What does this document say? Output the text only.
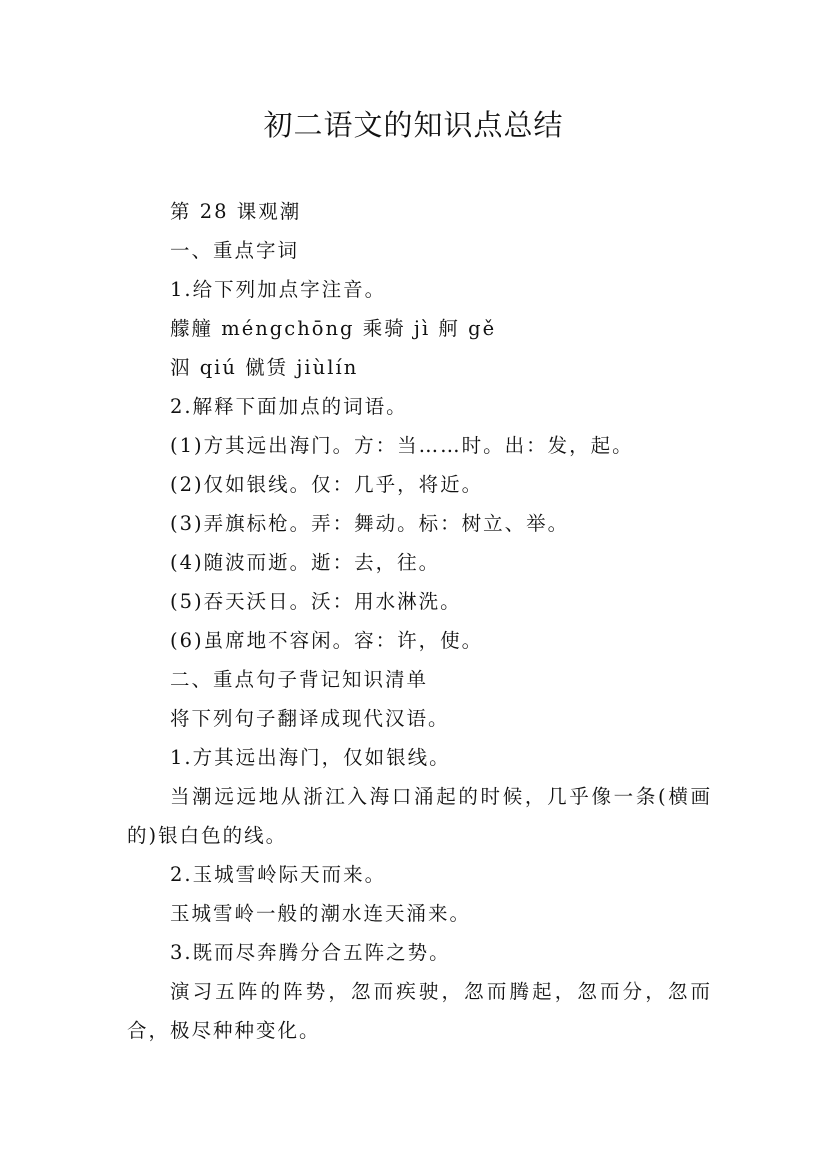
初二语文的知识点总结
第 28 课观潮
一、重点字词
1.给下列加点字注音。
艨艟 méngchōng 乘骑 jì 舸 gě
泅 qiú 僦赁 jiùlín
2.解释下面加点的词语。
(1)方其远出海门。方：当……时。出：发，起。
(2)仅如银线。仅：几乎，将近。
(3)弄旗标枪。弄：舞动。标：树立、举。
(4)随波而逝。逝：去，往。
(5)吞天沃日。沃：用水淋洗。
(6)虽席地不容闲。容：许，使。
二、重点句子背记知识清单
将下列句子翻译成现代汉语。
1.方其远出海门，仅如银线。
当潮远远地从浙江入海口涌起的时候，几乎像一条(横画的)银白色的线。
2.玉城雪岭际天而来。
玉城雪岭一般的潮水连天涌来。
3.既而尽奔腾分合五阵之势。
演习五阵的阵势，忽而疾驶，忽而腾起，忽而分，忽而合，极尽种种变化。
